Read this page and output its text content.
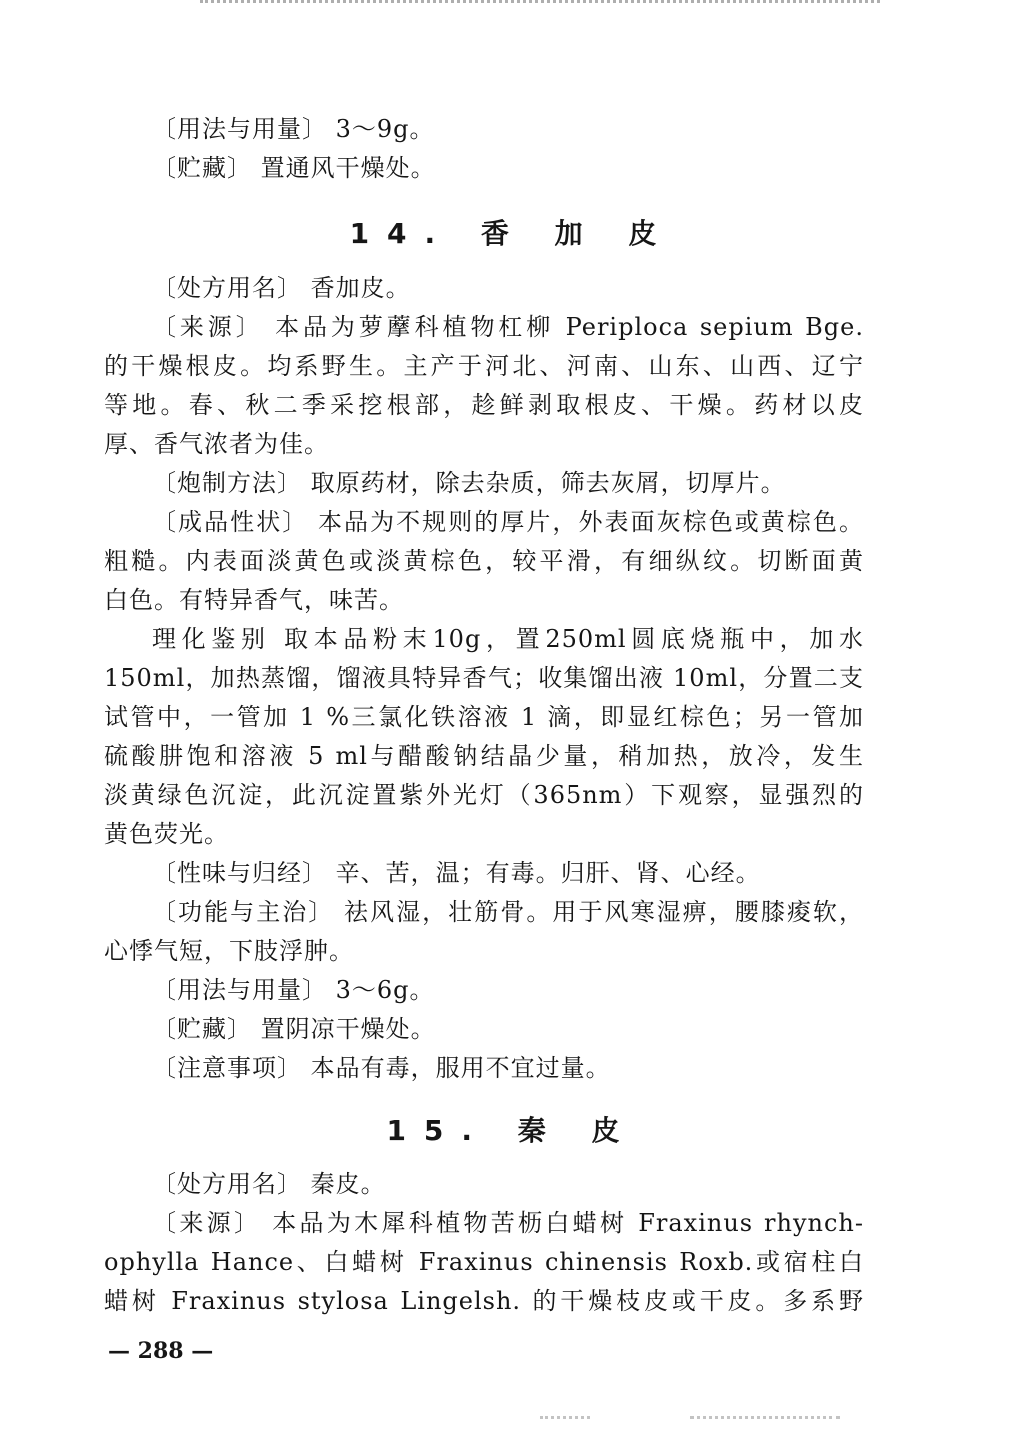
〔用法与用量〕 3～9g。
〔贮藏〕 置通风干燥处。
14. 香 加 皮
〔处方用名〕 香加皮。
〔来源〕 本品为萝藦科植物杠柳 Periploca sepium Bge.
的干燥根皮。均系野生。主产于河北、河南、山东、山西、辽宁
等地。春、秋二季采挖根部，趁鲜剥取根皮、干燥。药材以皮
厚、香气浓者为佳。
〔炮制方法〕 取原药材，除去杂质，筛去灰屑，切厚片。
〔成品性状〕 本品为不规则的厚片，外表面灰棕色或黄棕色。
粗糙。内表面淡黄色或淡黄棕色，较平滑，有细纵纹。切断面黄
白色。有特异香气，味苦。
理化鉴别 取本品粉末10g，置250ml圆底烧瓶中，加水
150ml，加热蒸馏，馏液具特异香气；收集馏出液 10ml，分置二支
试管中，一管加 1 %三氯化铁溶液 1 滴，即显红棕色；另一管加
硫酸肼饱和溶液 5 ml与醋酸钠结晶少量，稍加热，放冷，发生
淡黄绿色沉淀，此沉淀置紫外光灯（365nm）下观察，显强烈的
黄色荧光。
〔性味与归经〕 辛、苦，温；有毒。归肝、肾、心经。
〔功能与主治〕 祛风湿，壮筋骨。用于风寒湿痹，腰膝痠软，
心悸气短，下肢浮肿。
〔用法与用量〕 3～6g。
〔贮藏〕 置阴凉干燥处。
〔注意事项〕 本品有毒，服用不宜过量。
15. 秦 皮
〔处方用名〕 秦皮。
〔来源〕 本品为木犀科植物苦枥白蜡树 Fraxinus rhynch-
ophylla Hance、白蜡树 Fraxinus chinensis Roxb.或宿柱白
蜡树 Fraxinus stylosa Lingelsh. 的干燥枝皮或干皮。多系野
— 288 —
